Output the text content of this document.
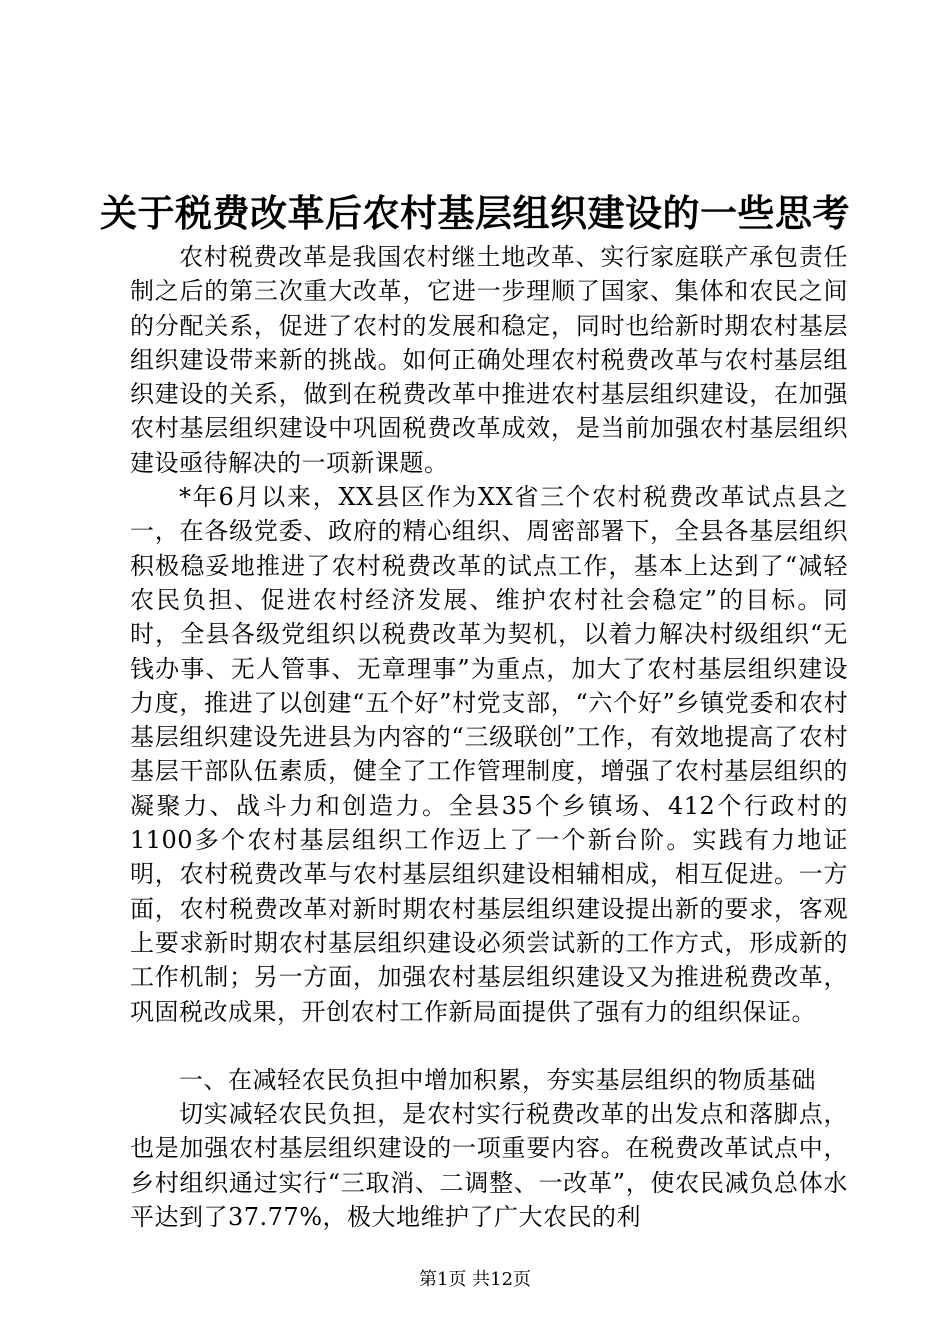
关于税费改革后农村基层组织建设的一些思考

农村税费改革是我国农村继土地改革、实行家庭联产承包责任制之后的第三次重大改革，它进一步理顺了国家、集体和农民之间的分配关系，促进了农村的发展和稳定，同时也给新时期农村基层组织建设带来新的挑战。如何正确处理农村税费改革与农村基层组织建设的关系，做到在税费改革中推进农村基层组织建设，在加强农村基层组织建设中巩固税费改革成效，是当前加强农村基层组织建设亟待解决的一项新课题。

*年6月以来，XX县区作为XX省三个农村税费改革试点县之一，在各级党委、政府的精心组织、周密部署下，全县各基层组织积极稳妥地推进了农村税费改革的试点工作，基本上达到了“减轻农民负担、促进农村经济发展、维护农村社会稳定”的目标。同时，全县各级党组织以税费改革为契机，以着力解决村级组织“无钱办事、无人管事、无章理事”为重点，加大了农村基层组织建设力度，推进了以创建“五个好”村党支部，“六个好”乡镇党委和农村基层组织建设先进县为内容的“三级联创”工作，有效地提高了农村基层干部队伍素质，健全了工作管理制度，增强了农村基层组织的凝聚力、战斗力和创造力。全县35个乡镇场、412个行政村的1100多个农村基层组织工作迈上了一个新台阶。实践有力地证明，农村税费改革与农村基层组织建设相辅相成，相互促进。一方面，农村税费改革对新时期农村基层组织建设提出新的要求，客观上要求新时期农村基层组织建设必须尝试新的工作方式，形成新的工作机制；另一方面，加强农村基层组织建设又为推进税费改革，巩固税改成果，开创农村工作新局面提供了强有力的组织保证。

一、在减轻农民负担中增加积累，夯实基层组织的物质基础

切实减轻农民负担，是农村实行税费改革的出发点和落脚点，也是加强农村基层组织建设的一项重要内容。在税费改革试点中，乡村组织通过实行“三取消、二调整、一改革”，使农民减负总体水平达到了37.77%，极大地维护了广大农民的利

第1页 共12页
